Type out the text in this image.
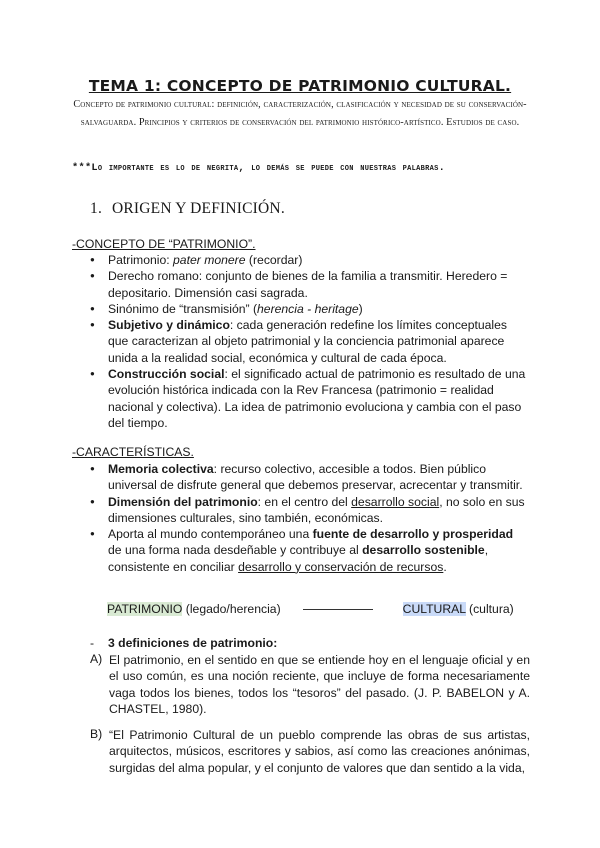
TEMA 1: CONCEPTO DE PATRIMONIO CULTURAL.
Concepto de patrimonio cultural: definición, caracterización, clasificación y necesidad de su conservación-salvaguarda. Principios y criterios de conservación del patrimonio histórico-artístico. Estudios de caso.
***Lo importante es lo de negrita, lo demás se puede con nuestras palabras.
1. ORIGEN Y DEFINICIÓN.
-CONCEPTO DE “PATRIMONIO”.
● Patrimonio: pater monere (recordar)
● Derecho romano: conjunto de bienes de la familia a transmitir. Heredero = depositario. Dimensión casi sagrada.
● Sinónimo de “transmisión” (herencia - heritage)
● Subjetivo y dinámico: cada generación redefine los límites conceptuales que caracterizan al objeto patrimonial y la conciencia patrimonial aparece unida a la realidad social, económica y cultural de cada época.
● Construcción social: el significado actual de patrimonio es resultado de una evolución histórica indicada con la Rev Francesa (patrimonio = realidad nacional y colectiva). La idea de patrimonio evoluciona y cambia con el paso del tiempo.
-CARACTERÍSTICAS.
● Memoria colectiva: recurso colectivo, accesible a todos. Bien público universal de disfrute general que debemos preservar, acrecentar y transmitir.
● Dimensión del patrimonio: en el centro del desarrollo social, no solo en sus dimensiones culturales, sino también, económicas.
● Aporta al mundo contemporáneo una fuente de desarrollo y prosperidad de una forma nada desdeñable y contribuye al desarrollo sostenible, consistente en conciliar desarrollo y conservación de recursos.
PATRIMONIO (legado/herencia)	CULTURAL (cultura)
- 3 definiciones de patrimonio:
A) El patrimonio, en el sentido en que se entiende hoy en el lenguaje oficial y en el uso común, es una noción reciente, que incluye de forma necesariamente vaga todos los bienes, todos los “tesoros” del pasado. (J. P. BABELON y A. CHASTEL, 1980).
B) “El Patrimonio Cultural de un pueblo comprende las obras de sus artistas, arquitectos, músicos, escritores y sabios, así como las creaciones anónimas, surgidas del alma popular, y el conjunto de valores que dan sentido a la vida,
